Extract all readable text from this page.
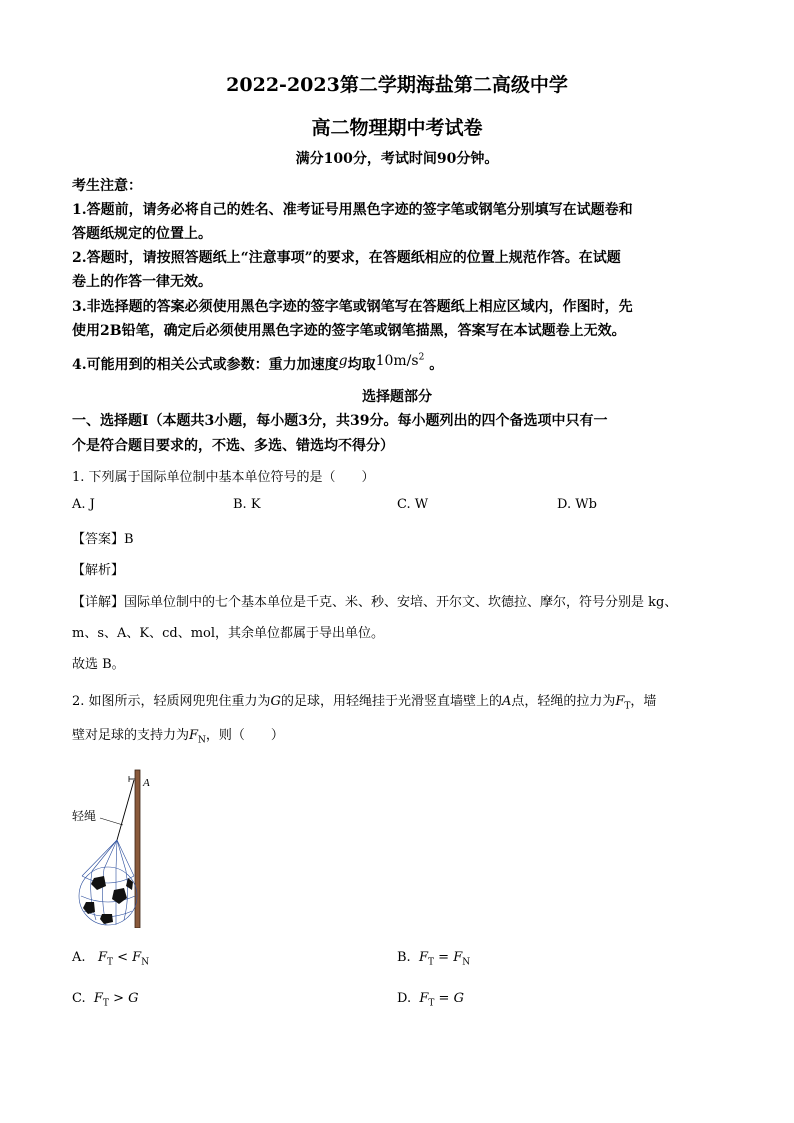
2022-2023第二学期海盐第二高级中学
高二物理期中考试卷
满分100分，考试时间90分钟。
考生注意：
1.答题前，请务必将自己的姓名、准考证号用黑色字迹的签字笔或钢笔分别填写在试题卷和
答题纸规定的位置上。
2.答题时，请按照答题纸上“注意事项”的要求，在答题纸相应的位置上规范作答。在试题
卷上的作答一律无效。
3.非选择题的答案必须使用黑色字迹的签字笔或钢笔写在答题纸上相应区域内，作图时，先
使用2B铅笔，确定后必须使用黑色字迹的签字笔或钢笔描黑，答案写在本试题卷上无效。
4.可能用到的相关公式或参数：重力加速度g均取$10m/s^2$ 。
选择题部分
一、选择题Ⅰ（本题共3小题，每小题3分，共39分。每小题列出的四个备选项中只有一
个是符合题目要求的，不选、多选、错选均不得分）
1. 下列属于国际单位制中基本单位符号的是（　　）
A. J	B. K	C. W	D. Wb
【答案】B
【解析】
【详解】国际单位制中的七个基本单位是千克、米、秒、安培、开尔文、坎德拉、摩尔，符号分别是 kg、
m、s、A、K、cd、mol，其余单位都属于导出单位。
故选 B。
2. 如图所示，轻质网兜兜住重力为G的足球，用轻绳挂于光滑竖直墙壁上的A点，轻绳的拉力为$F_T$，墙
壁对足球的支持力为$F_N$，则（　　）
A
轻绳
A. $F_T < F_N$	B. $F_T = F_N$
C. $F_T > G$	D. $F_T = G$
